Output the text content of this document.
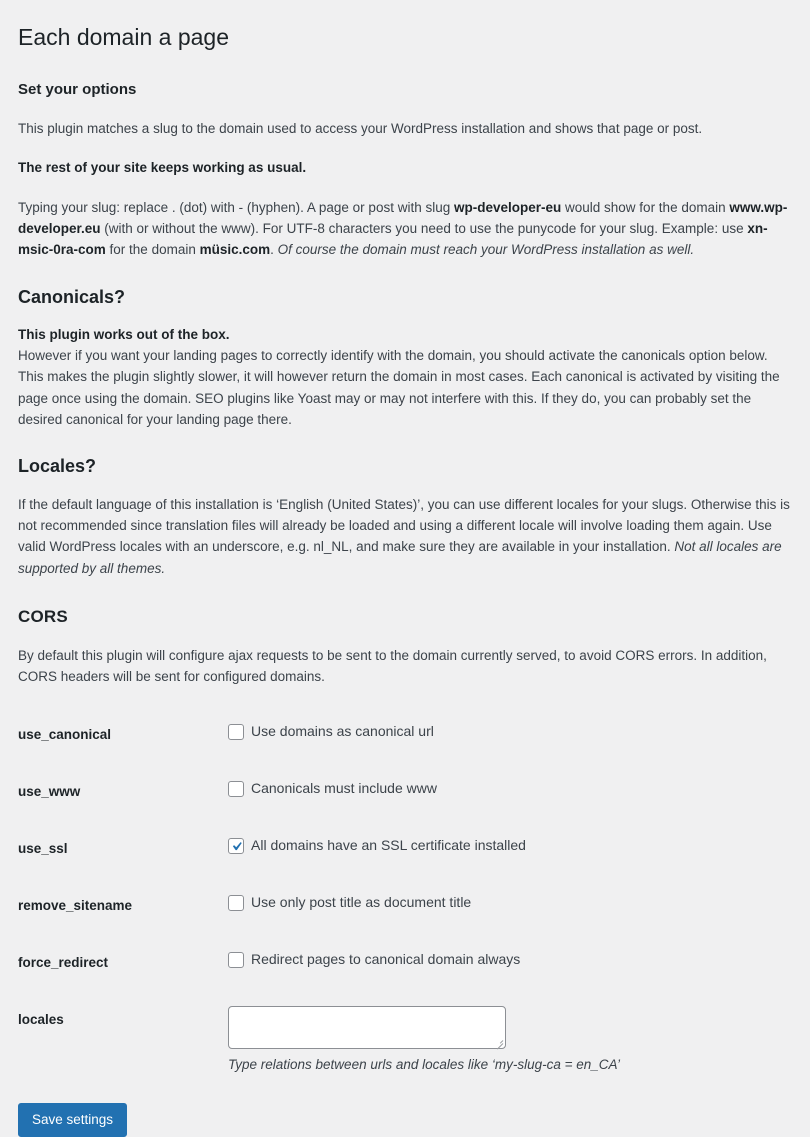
Each domain a page
Set your options

This plugin matches a slug to the domain used to access your WordPress installation and shows that page or post.

The rest of your site keeps working as usual.

Typing your slug: replace . (dot) with - (hyphen). A page or post with slug wp-developer-eu would show for the domain www.wp-developer.eu (with or without the www). For UTF-8 characters you need to use the punycode for your slug. Example: use xn-msic-0ra-com for the domain müsic.com. Of course the domain must reach your WordPress installation as well.

Canonicals?

This plugin works out of the box.

However if you want your landing pages to correctly identify with the domain, you should activate the canonicals option below. This makes the plugin slightly slower, it will however return the domain in most cases. Each canonical is activated by visiting the page once using the domain. SEO plugins like Yoast may or may not interfere with this. If they do, you can probably set the desired canonical for your landing page there.

Locales?

If the default language of this installation is ‘English (United States)’, you can use different locales for your slugs. Otherwise this is not recommended since translation files will already be loaded and using a different locale will involve loading them again. Use valid WordPress locales with an underscore, e.g. nl_NL, and make sure they are available in your installation. Not all locales are supported by all themes.

CORS

By default this plugin will configure ajax requests to be sent to the domain currently served, to avoid CORS errors. In addition, CORS headers will be sent for configured domains.

use_canonical	Use domains as canonical url
use_www	Canonicals must include www
use_ssl	All domains have an SSL certificate installed
remove_sitename	Use only post title as document title
force_redirect	Redirect pages to canonical domain always
locales
Type relations between urls and locales like ‘my-slug-ca = en_CA’
Save settings
